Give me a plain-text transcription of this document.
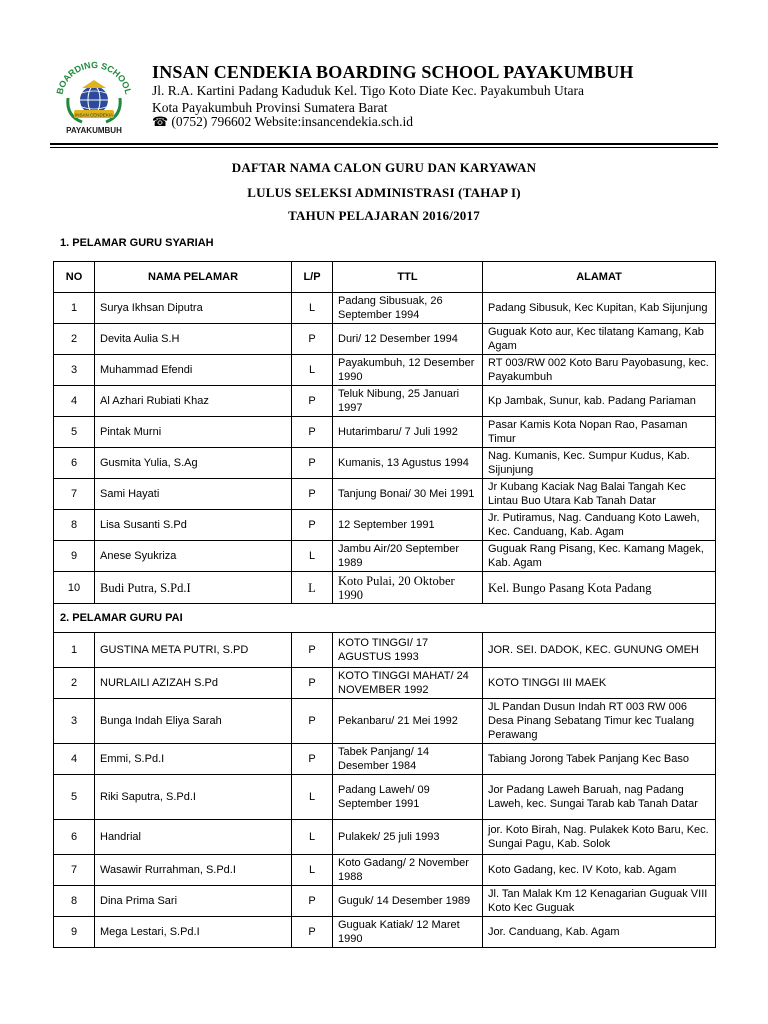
BOARDING SCHOOL
INSAN CENDEKIA
PAYAKUMBUH
INSAN CENDEKIA BOARDING SCHOOL PAYAKUMBUH
Jl. R.A. Kartini Padang Kaduduk Kel. Tigo Koto Diate Kec. Payakumbuh Utara
Kota Payakumbuh Provinsi Sumatera Barat
☎ (0752) 796602 Website:insancendekia.sch.id
DAFTAR NAMA CALON GURU DAN KARYAWAN
LULUS SELEKSI ADMINISTRASI (TAHAP I)
TAHUN PELAJARAN 2016/2017
1. PELAMAR GURU SYARIAH
NO	NAMA PELAMAR	L/P	TTL	ALAMAT
1	Surya Ikhsan Diputra	L	Padang Sibusuak, 26 September 1994	Padang Sibusuk, Kec Kupitan, Kab Sijunjung
2	Devita Aulia S.H	P	Duri/ 12 Desember 1994	Guguak Koto aur, Kec tilatang Kamang, Kab Agam
3	Muhammad Efendi	L	Payakumbuh, 12 Desember 1990	RT 003/RW 002 Koto Baru Payobasung, kec. Payakumbuh
4	Al Azhari Rubiati Khaz	P	Teluk Nibung, 25 Januari 1997	Kp Jambak, Sunur, kab. Padang Pariaman
5	Pintak Murni	P	Hutarimbaru/ 7 Juli 1992	Pasar Kamis Kota Nopan Rao, Pasaman Timur
6	Gusmita Yulia, S.Ag	P	Kumanis, 13 Agustus 1994	Nag. Kumanis, Kec. Sumpur Kudus, Kab. Sijunjung
7	Sami Hayati	P	Tanjung Bonai/ 30 Mei 1991	Jr Kubang Kaciak Nag Balai Tangah Kec Lintau Buo Utara Kab Tanah Datar
8	Lisa Susanti S.Pd	P	12 September 1991	Jr. Putiramus, Nag. Canduang Koto Laweh, Kec. Canduang, Kab. Agam
9	Anese Syukriza	L	Jambu Air/20 September 1989	Guguak Rang Pisang, Kec. Kamang Magek, Kab. Agam
10	Budi Putra, S.Pd.I	L	Koto Pulai, 20 Oktober 1990	Kel. Bungo Pasang Kota Padang
2. PELAMAR GURU PAI				
1	GUSTINA META PUTRI, S.PD	P	KOTO TINGGI/ 17 AGUSTUS 1993	JOR. SEI. DADOK, KEC. GUNUNG OMEH
2	NURLAILI AZIZAH S.Pd	P	KOTO TINGGI MAHAT/ 24 NOVEMBER 1992	KOTO TINGGI III MAEK
3	Bunga Indah Eliya Sarah	P	Pekanbaru/ 21 Mei 1992	JL Pandan Dusun Indah RT 003 RW 006 Desa Pinang Sebatang Timur kec Tualang Perawang
4	Emmi, S.Pd.I	P	Tabek Panjang/ 14 Desember 1984	Tabiang Jorong Tabek Panjang Kec Baso
5	Riki Saputra, S.Pd.I	L	Padang Laweh/ 09 September 1991	Jor Padang Laweh Baruah, nag Padang Laweh, kec. Sungai Tarab kab Tanah Datar
6	Handrial	L	Pulakek/ 25 juli 1993	jor. Koto Birah, Nag. Pulakek Koto Baru, Kec. Sungai Pagu, Kab. Solok
7	Wasawir Rurrahman, S.Pd.I	L	Koto Gadang/ 2 November 1988	Koto Gadang, kec. IV Koto, kab. Agam
8	Dina Prima Sari	P	Guguk/ 14 Desember 1989	Jl. Tan Malak Km 12 Kenagarian Guguak VIII Koto Kec Guguak
9	Mega Lestari, S.Pd.I	P	Guguak Katiak/ 12 Maret 1990	Jor. Canduang, Kab. Agam
